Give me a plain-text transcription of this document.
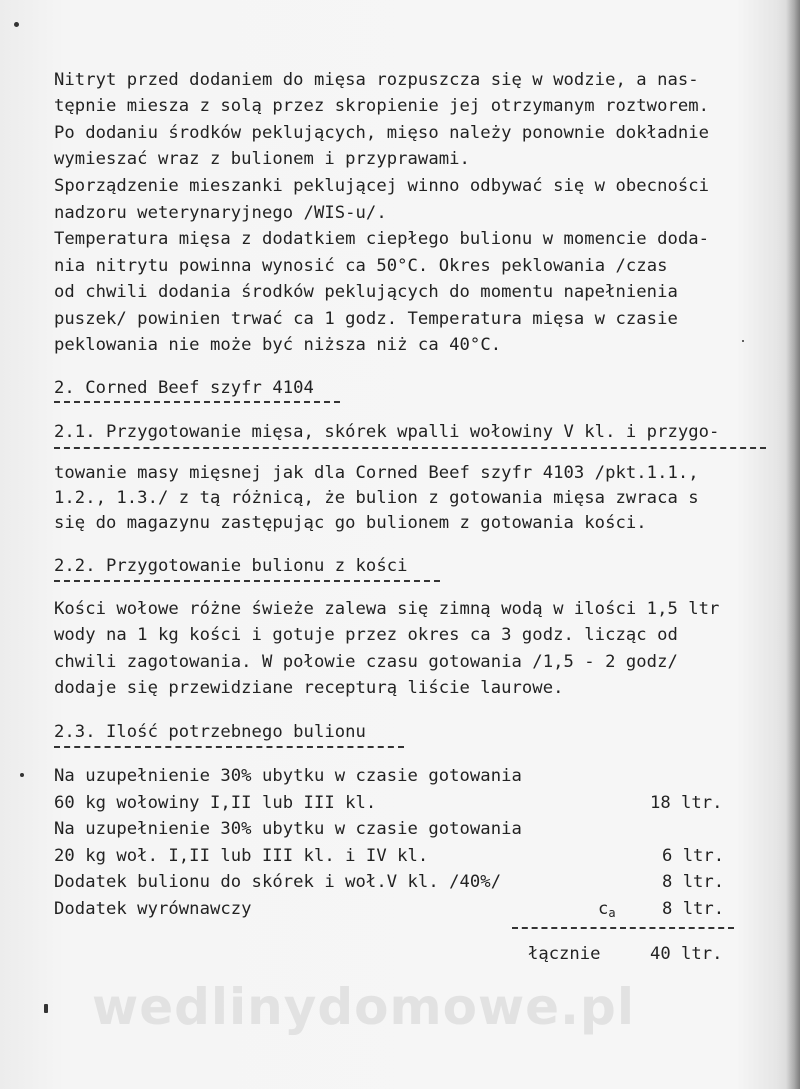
wedlinydomowe.pl
Nitryt przed dodaniem do mięsa rozpuszcza się w wodzie, a nas-
tępnie miesza z solą przez skropienie jej otrzymanym roztworem.
Po dodaniu środków peklujących, mięso należy ponownie dokładnie
wymieszać wraz z bulionem i przyprawami.
Sporządzenie mieszanki peklującej winno odbywać się w obecności
nadzoru weterynaryjnego /WIS-u/.
Temperatura mięsa z dodatkiem ciepłego bulionu w momencie doda-
nia nitrytu powinna wynosić ca 50°C. Okres peklowania /czas
od chwili dodania środków peklujących do momentu napełnienia
puszek/ powinien trwać ca 1 godz. Temperatura mięsa w czasie
peklowania nie może być niższa niż ca 40°C.
2. Corned Beef szyfr 4104
2.1. Przygotowanie mięsa, skórek wpalli wołowiny V kl. i przygo-
towanie masy mięsnej jak dla Corned Beef szyfr 4103 /pkt.1.1.,
1.2., 1.3./ z tą różnicą, że bulion z gotowania mięsa zwraca s
się do magazynu zastępując go bulionem z gotowania kości.
2.2. Przygotowanie bulionu z kości
Kości wołowe różne świeże zalewa się zimną wodą w ilości 1,5 ltr
wody na 1 kg kości i gotuje przez okres ca 3 godz. licząc od
chwili zagotowania. W połowie czasu gotowania /1,5 - 2 godz/
dodaje się przewidziane recepturą liście laurowe.
2.3. Ilość potrzebnego bulionu
Na uzupełnienie 30% ubytku w czasie gotowania
60 kg wołowiny I,II lub III kl.	18 ltr.
Na uzupełnienie 30% ubytku w czasie gotowania
20 kg woł. I,II lub III kl. i IV kl.	6 ltr.
Dodatek bulionu do skórek i woł.V kl. /40%/	8 ltr.
Dodatek wyrównawczy	$c_a$	8 ltr.
łącznie	40 ltr.
